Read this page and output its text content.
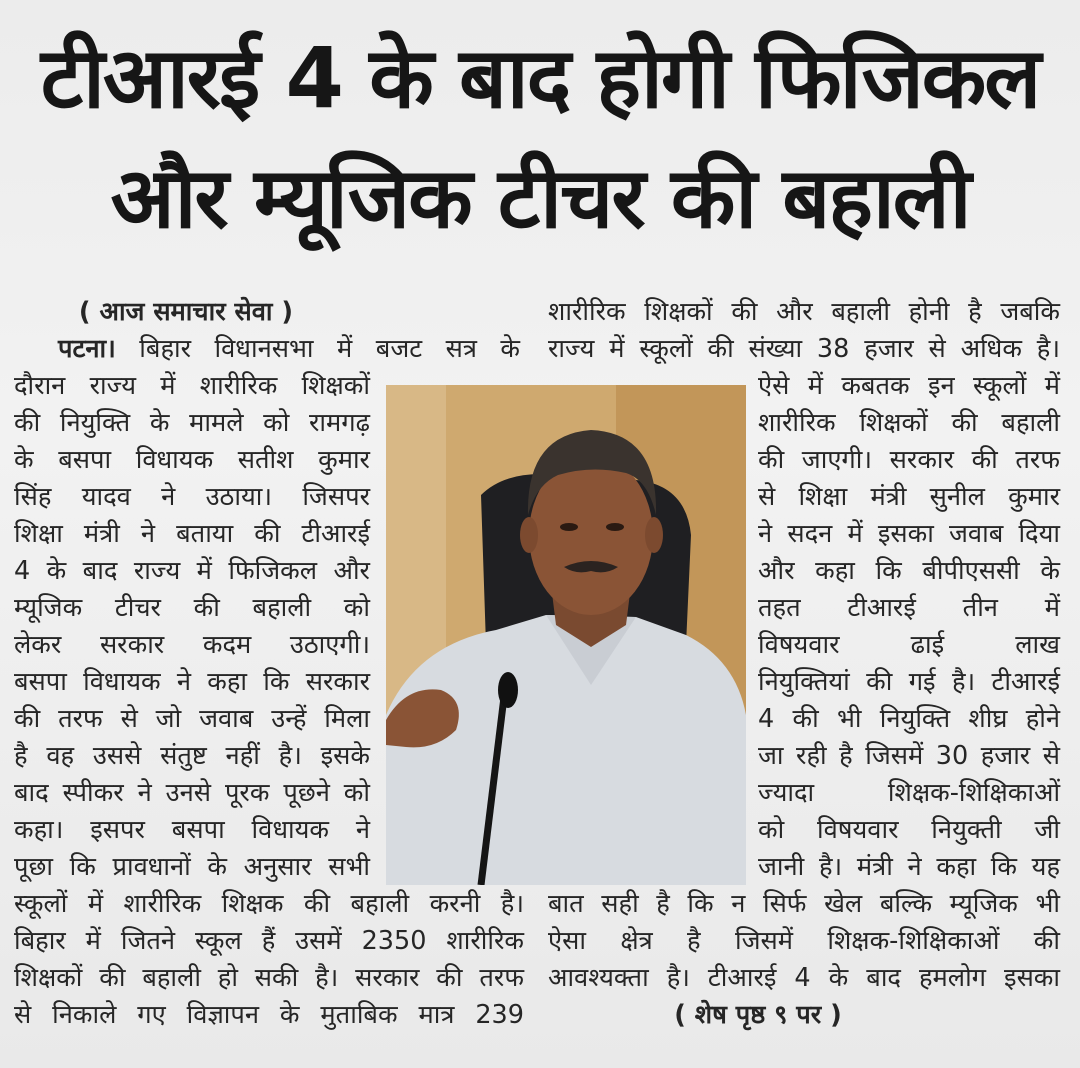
टीआरई 4 के बाद होगी फिजिकल
और म्यूजिक टीचर की बहाली
( आज समाचार सेवा )
पटना। बिहार विधानसभा में बजट सत्र के
दौरान राज्य में शारीरिक शिक्षकों
की नियुक्ति के मामले को रामगढ़
के बसपा विधायक सतीश कुमार
सिंह यादव ने उठाया। जिसपर
शिक्षा मंत्री ने बताया की टीआरई
4 के बाद राज्य में फिजिकल और
म्यूजिक टीचर की बहाली को
लेकर सरकार कदम उठाएगी।
बसपा विधायक ने कहा कि सरकार
की तरफ से जो जवाब उन्हें मिला
है वह उससे संतुष्ट नहीं है। इसके
बाद स्पीकर ने उनसे पूरक पूछने को
कहा। इसपर बसपा विधायक ने
पूछा कि प्रावधानों के अनुसार सभी
स्कूलों में शारीरिक शिक्षक की बहाली करनी है।
बिहार में जितने स्कूल हैं उसमें 2350 शारीरिक
शिक्षकों की बहाली हो सकी है। सरकार की तरफ
से निकाले गए विज्ञापन के मुताबिक मात्र 239
शारीरिक शिक्षकों की और बहाली होनी है जबकि
राज्य में स्कूलों की संख्या 38 हजार से अधिक है।
ऐसे में कबतक इन स्कूलों में
शारीरिक शिक्षकों की बहाली
की जाएगी। सरकार की तरफ
से शिक्षा मंत्री सुनील कुमार
ने सदन में इसका जवाब दिया
और कहा कि बीपीएससी के
तहत टीआरई तीन में
विषयवार ढाई लाख
नियुक्तियां की गई है। टीआरई
4 की भी नियुक्ति शीघ्र होने
जा रही है जिसमें 30 हजार से
ज्यादा शिक्षक-शिक्षिकाओं
को विषयवार नियुक्ती जी
जानी है। मंत्री ने कहा कि यह
बात सही है कि न सिर्फ खेल बल्कि म्यूजिक भी
ऐसा क्षेत्र है जिसमें शिक्षक-शिक्षिकाओं की
आवश्यक्ता है। टीआरई 4 के बाद हमलोग इसका
( शेष पृष्ठ ९ पर )
